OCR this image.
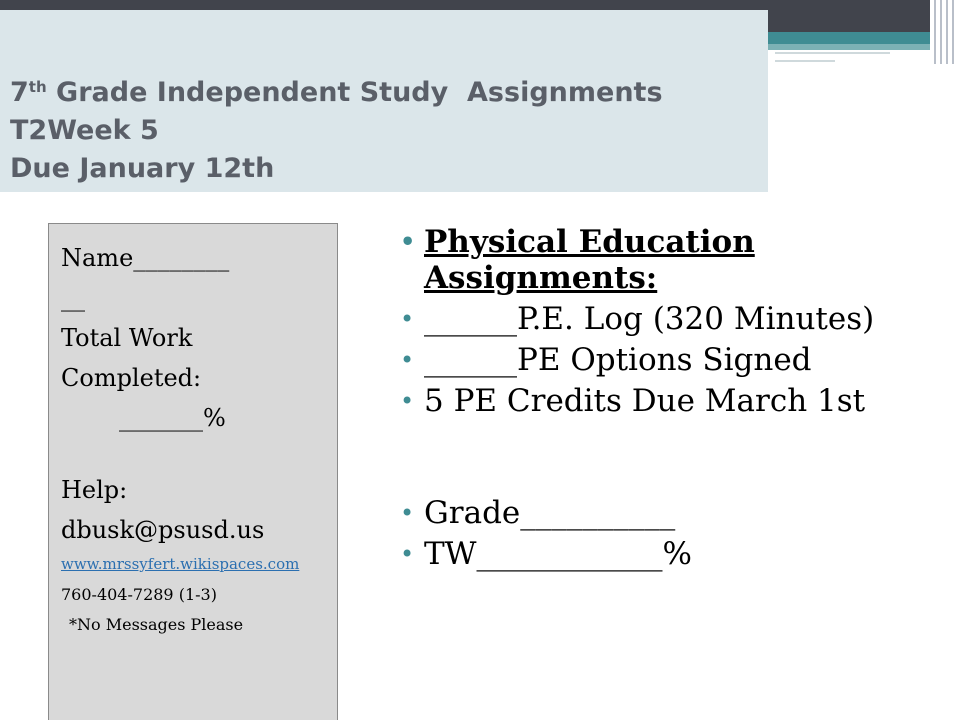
7th Grade Independent Study  Assignments
T2Week 5
Due January 12th
Name________
__
Total Work
Completed:
_______%
Help:
dbusk@psusd.us
www.mrssyfert.wikispaces.com
760-404-7289 (1-3)
*No Messages Please
• Physical Education Assignments:
• ______P.E. Log (320 Minutes)
• ______PE Options Signed
• 5 PE Credits Due March 1st
• Grade__________
• TW____________%
